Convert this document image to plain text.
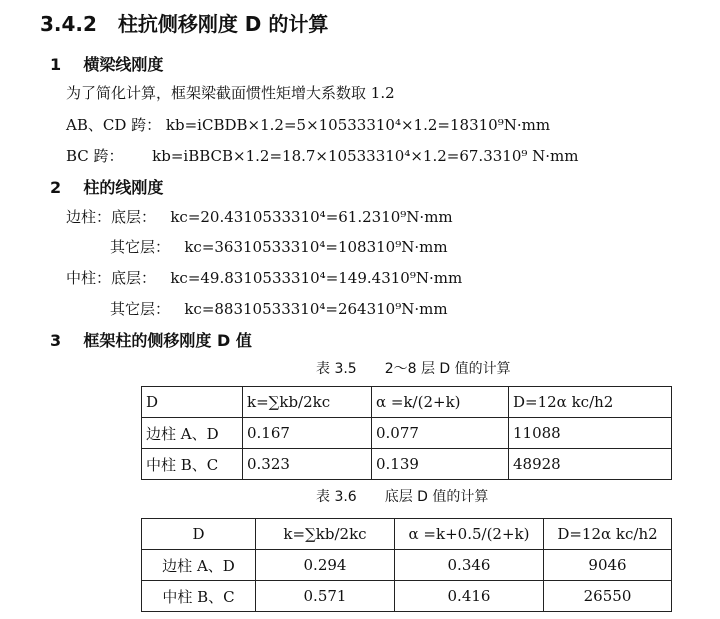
3.4.2 柱抗侧移刚度 D 的计算
1 横梁线刚度
为了简化计算，框架梁截面惯性矩增大系数取 1.2
AB、CD 跨： kb=iCBDB×1.2=5×10533310⁴×1.2=18310⁹N·mm
BC 跨： kb=iBBCB×1.2=18.7×10533310⁴×1.2=67.3310⁹ N·mm
2 柱的线刚度
边柱：底层： kc=20.4310533310⁴=61.2310⁹N·mm
其它层： kc=36310533310⁴=108310⁹N·mm
中柱：底层： kc=49.8310533310⁴=149.4310⁹N·mm
其它层： kc=88310533310⁴=264310⁹N·mm
3 框架柱的侧移刚度 D 值
表 3.5　　2～8 层 D 值的计算
D	k=∑kb/2kc	α =k/(2+k)	D=12α kc/h2
边柱 A、D	0.167	0.077	11088
中柱 B、C	0.323	0.139	48928
表 3.6　　底层 D 值的计算
D	k=∑kb/2kc	α =k+0.5/(2+k)	D=12α kc/h2
边柱 A、D	0.294	0.346	9046
中柱 B、C	0.571	0.416	26550
